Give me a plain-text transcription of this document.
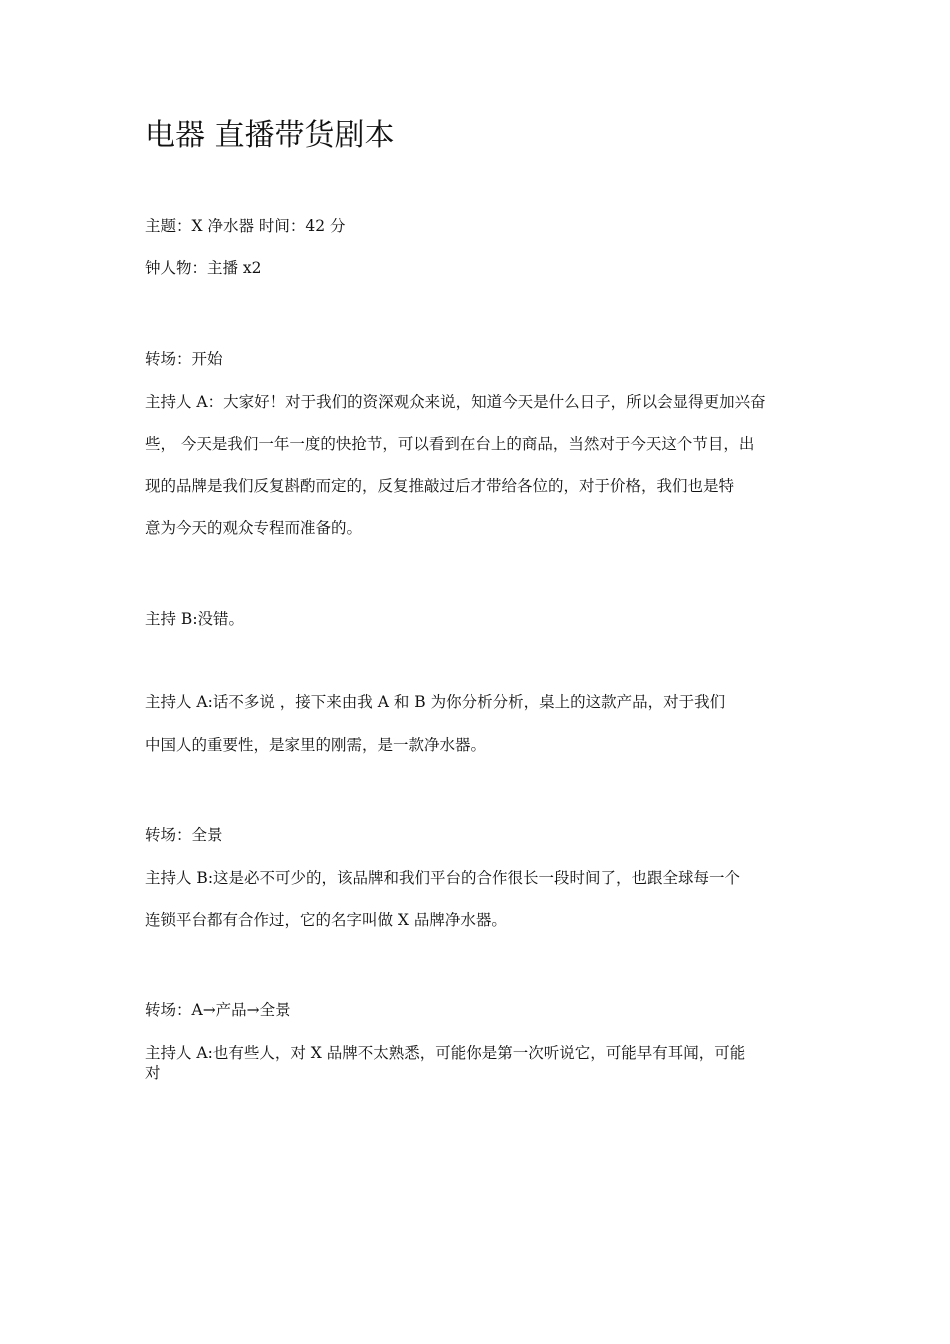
电器 直播带货剧本

主题：X 净水器 时间：42 分

钟人物：主播 x2

转场：开始

主持人 A：大家好！对于我们的资深观众来说，知道今天是什么日子，所以会显得更加兴奋

些， 今天是我们一年一度的快抢节，可以看到在台上的商品，当然对于今天这个节目，出

现的品牌是我们反复斟酌而定的，反复推敲过后才带给各位的，对于价格，我们也是特

意为今天的观众专程而准备的。

主持 B:没错。

主持人 A:话不多说 ，接下来由我 A 和 B 为你分析分析，桌上的这款产品，对于我们

中国人的重要性，是家里的刚需，是一款净水器。

转场：全景

主持人 B:这是必不可少的，该品牌和我们平台的合作很长一段时间了，也跟全球每一个

连锁平台都有合作过，它的名字叫做 X 品牌净水器。

转场：A→产品→全景

主持人 A:也有些人，对 X 品牌不太熟悉，可能你是第一次听说它，可能早有耳闻，可能

对
